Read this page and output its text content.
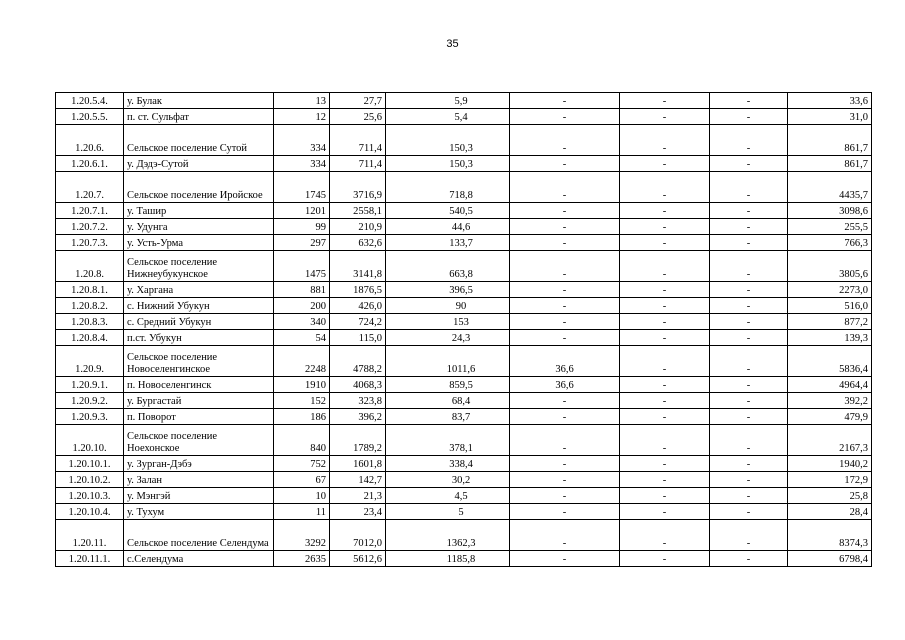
35
1.20.5.4.	у. Булак	13	27,7	5,9	-	-	-	33,6
1.20.5.5.	п. ст. Сульфат	12	25,6	5,4	-	-	-	31,0
1.20.6.	Сельское поселение Сутой	334	711,4	150,3	-	-	-	861,7
1.20.6.1.	у. Дэдэ-Сутой	334	711,4	150,3	-	-	-	861,7
1.20.7.	Сельское поселение Иройское	1745	3716,9	718,8	-	-	-	4435,7
1.20.7.1.	у. Ташир	1201	2558,1	540,5	-	-	-	3098,6
1.20.7.2.	у. Удунга	99	210,9	44,6	-	-	-	255,5
1.20.7.3.	у. Усть-Урма	297	632,6	133,7	-	-	-	766,3
1.20.8.	Сельское поселение Нижнеубукунское	1475	3141,8	663,8	-	-	-	3805,6
1.20.8.1.	у. Харгана	881	1876,5	396,5	-	-	-	2273,0
1.20.8.2.	с. Нижний Убукун	200	426,0	90	-	-	-	516,0
1.20.8.3.	с. Средний Убукун	340	724,2	153	-	-	-	877,2
1.20.8.4.	п.ст. Убукун	54	115,0	24,3	-	-	-	139,3
1.20.9.	Сельское поселение Новоселенгинское	2248	4788,2	1011,6	36,6	-	-	5836,4
1.20.9.1.	п. Новоселенгинск	1910	4068,3	859,5	36,6	-	-	4964,4
1.20.9.2.	у. Бургастай	152	323,8	68,4	-	-	-	392,2
1.20.9.3.	п. Поворот	186	396,2	83,7	-	-	-	479,9
1.20.10.	Сельское поселение Ноехонское	840	1789,2	378,1	-	-	-	2167,3
1.20.10.1.	у. Зурган-Дэбэ	752	1601,8	338,4	-	-	-	1940,2
1.20.10.2.	у. Залан	67	142,7	30,2	-	-	-	172,9
1.20.10.3.	у. Мэнгэй	10	21,3	4,5	-	-	-	25,8
1.20.10.4.	у. Тухум	11	23,4	5	-	-	-	28,4
1.20.11.	Сельское поселение Селендума	3292	7012,0	1362,3	-	-	-	8374,3
1.20.11.1.	с.Селендума	2635	5612,6	1185,8	-	-	-	6798,4
